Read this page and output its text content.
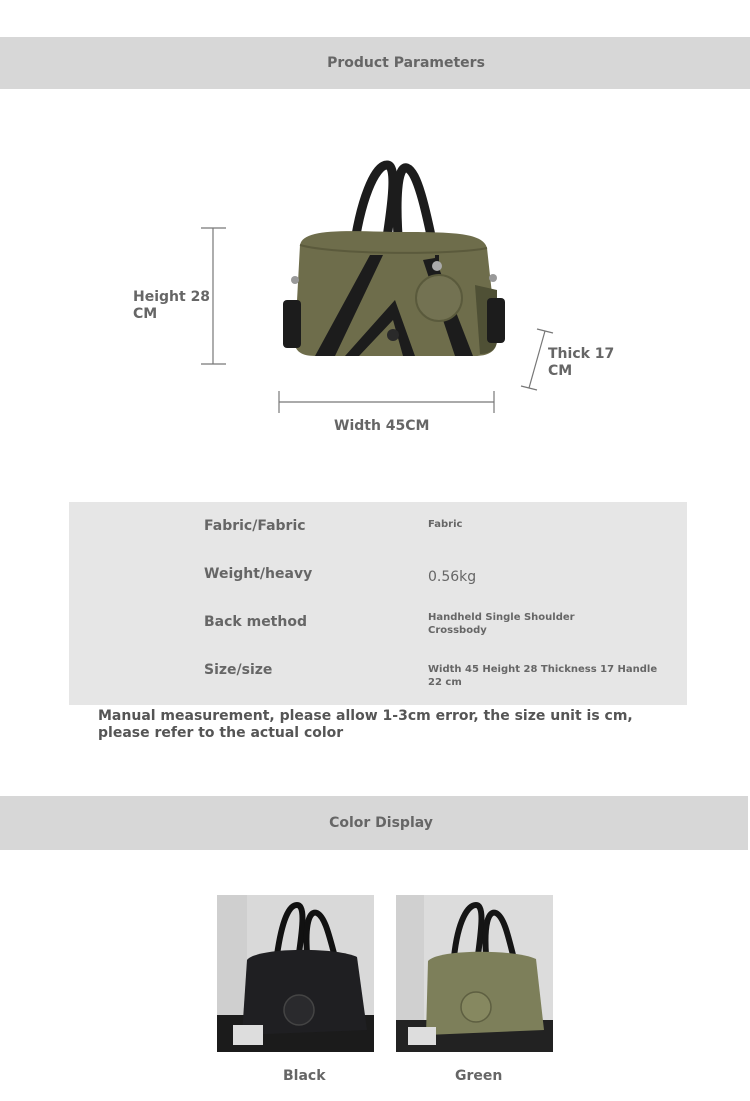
Product Parameters
Height 28 CM
Thick 17 CM
Width 45CM
Fabric/Fabric	Fabric
Weight/heavy	0.56kg
Back method	Handheld Single Shoulder Crossbody
Size/size	Width 45 Height 28 Thickness 17 Handle 22 cm
Manual measurement, please allow 1-3cm error, the size unit is cm, please refer to the actual color
Color Display
Black	Green
